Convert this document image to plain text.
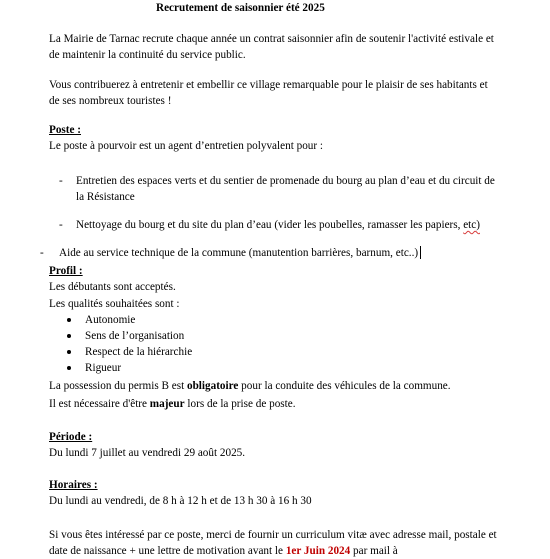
Recrutement de saisonnier été 2025
La Mairie de Tarnac recrute chaque année un contrat saisonnier afin de soutenir l'activité estivale et
de maintenir la continuité du service public.
Vous contribuerez à entretenir et embellir ce village remarquable pour le plaisir de ses habitants et
de ses nombreux touristes !
Poste :
Le poste à pourvoir est un agent d’entretien polyvalent pour :
- Entretien des espaces verts et du sentier de promenade du bourg au plan d’eau et du circuit de
la Résistance
- Nettoyage du bourg et du site du plan d’eau (vider les poubelles, ramasser les papiers, etc)
- Aide au service technique de la commune (manutention barrières, barnum, etc..)
Profil :
Les débutants sont acceptés.
Les qualités souhaitées sont :
Autonomie
Sens de l’organisation
Respect de la hiérarchie
Rigueur
La possession du permis B est obligatoire pour la conduite des véhicules de la commune.
Il est nécessaire d'être majeur lors de la prise de poste.
Période :
Du lundi 7 juillet au vendredi 29 août 2025.
Horaires :
Du lundi au vendredi, de 8 h à 12 h et de 13 h 30 à 16 h 30
Si vous êtes intéressé par ce poste, merci de fournir un curriculum vitæ avec adresse mail, postale et
date de naissance + une lettre de motivation avant le 1er Juin 2024 par mail à
